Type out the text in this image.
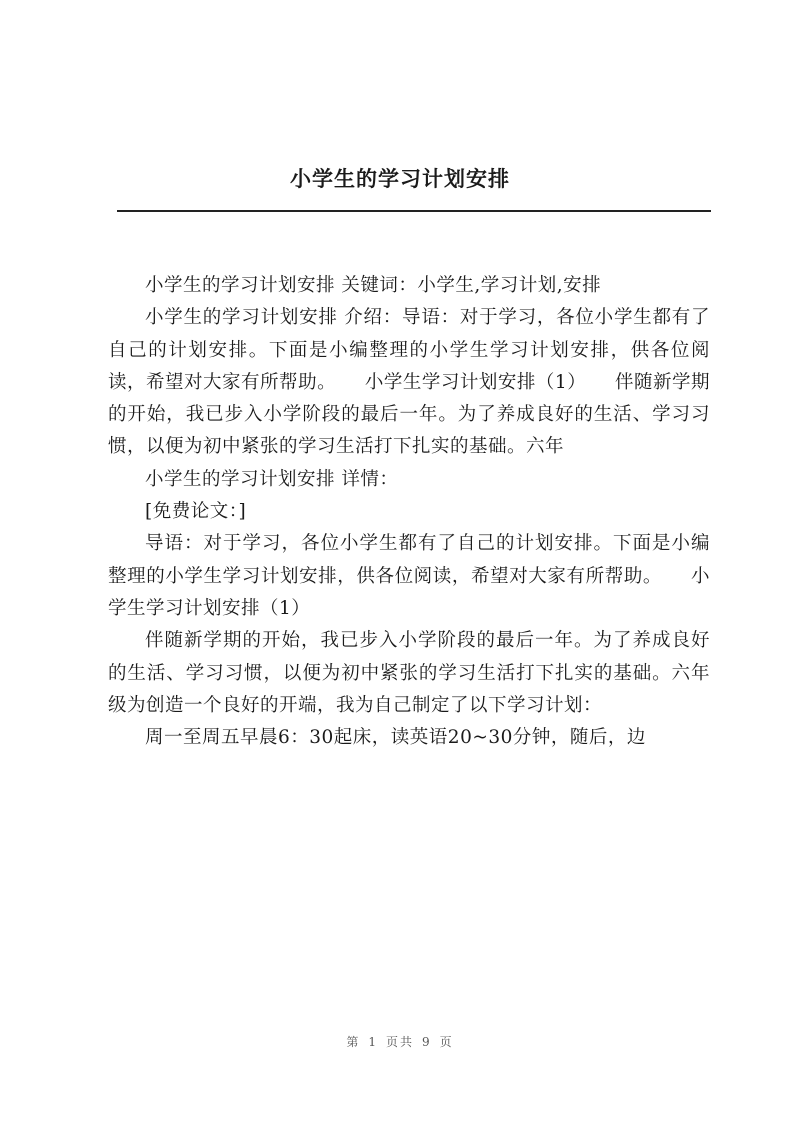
小学生的学习计划安排

小学生的学习计划安排 关键词：小学生,学习计划,安排

小学生的学习计划安排 介绍：导语：对于学习，各位小学生都有了自己的计划安排。下面是小编整理的小学生学习计划安排，供各位阅读，希望对大家有所帮助。　　小学生学习计划安排（1）　　伴随新学期的开始，我已步入小学阶段的最后一年。为了养成良好的生活、学习习惯，以便为初中紧张的学习生活打下扎实的基础。六年

小学生的学习计划安排 详情：

[免费论文：]

导语：对于学习，各位小学生都有了自己的计划安排。下面是小编整理的小学生学习计划安排，供各位阅读，希望对大家有所帮助。　　小学生学习计划安排（1）

伴随新学期的开始，我已步入小学阶段的最后一年。为了养成良好的生活、学习习惯，以便为初中紧张的学习生活打下扎实的基础。六年级为创造一个良好的开端，我为自己制定了以下学习计划：

周一至周五早晨6：30起床，读英语20~30分钟，随后，边

第 1 页共 9 页
